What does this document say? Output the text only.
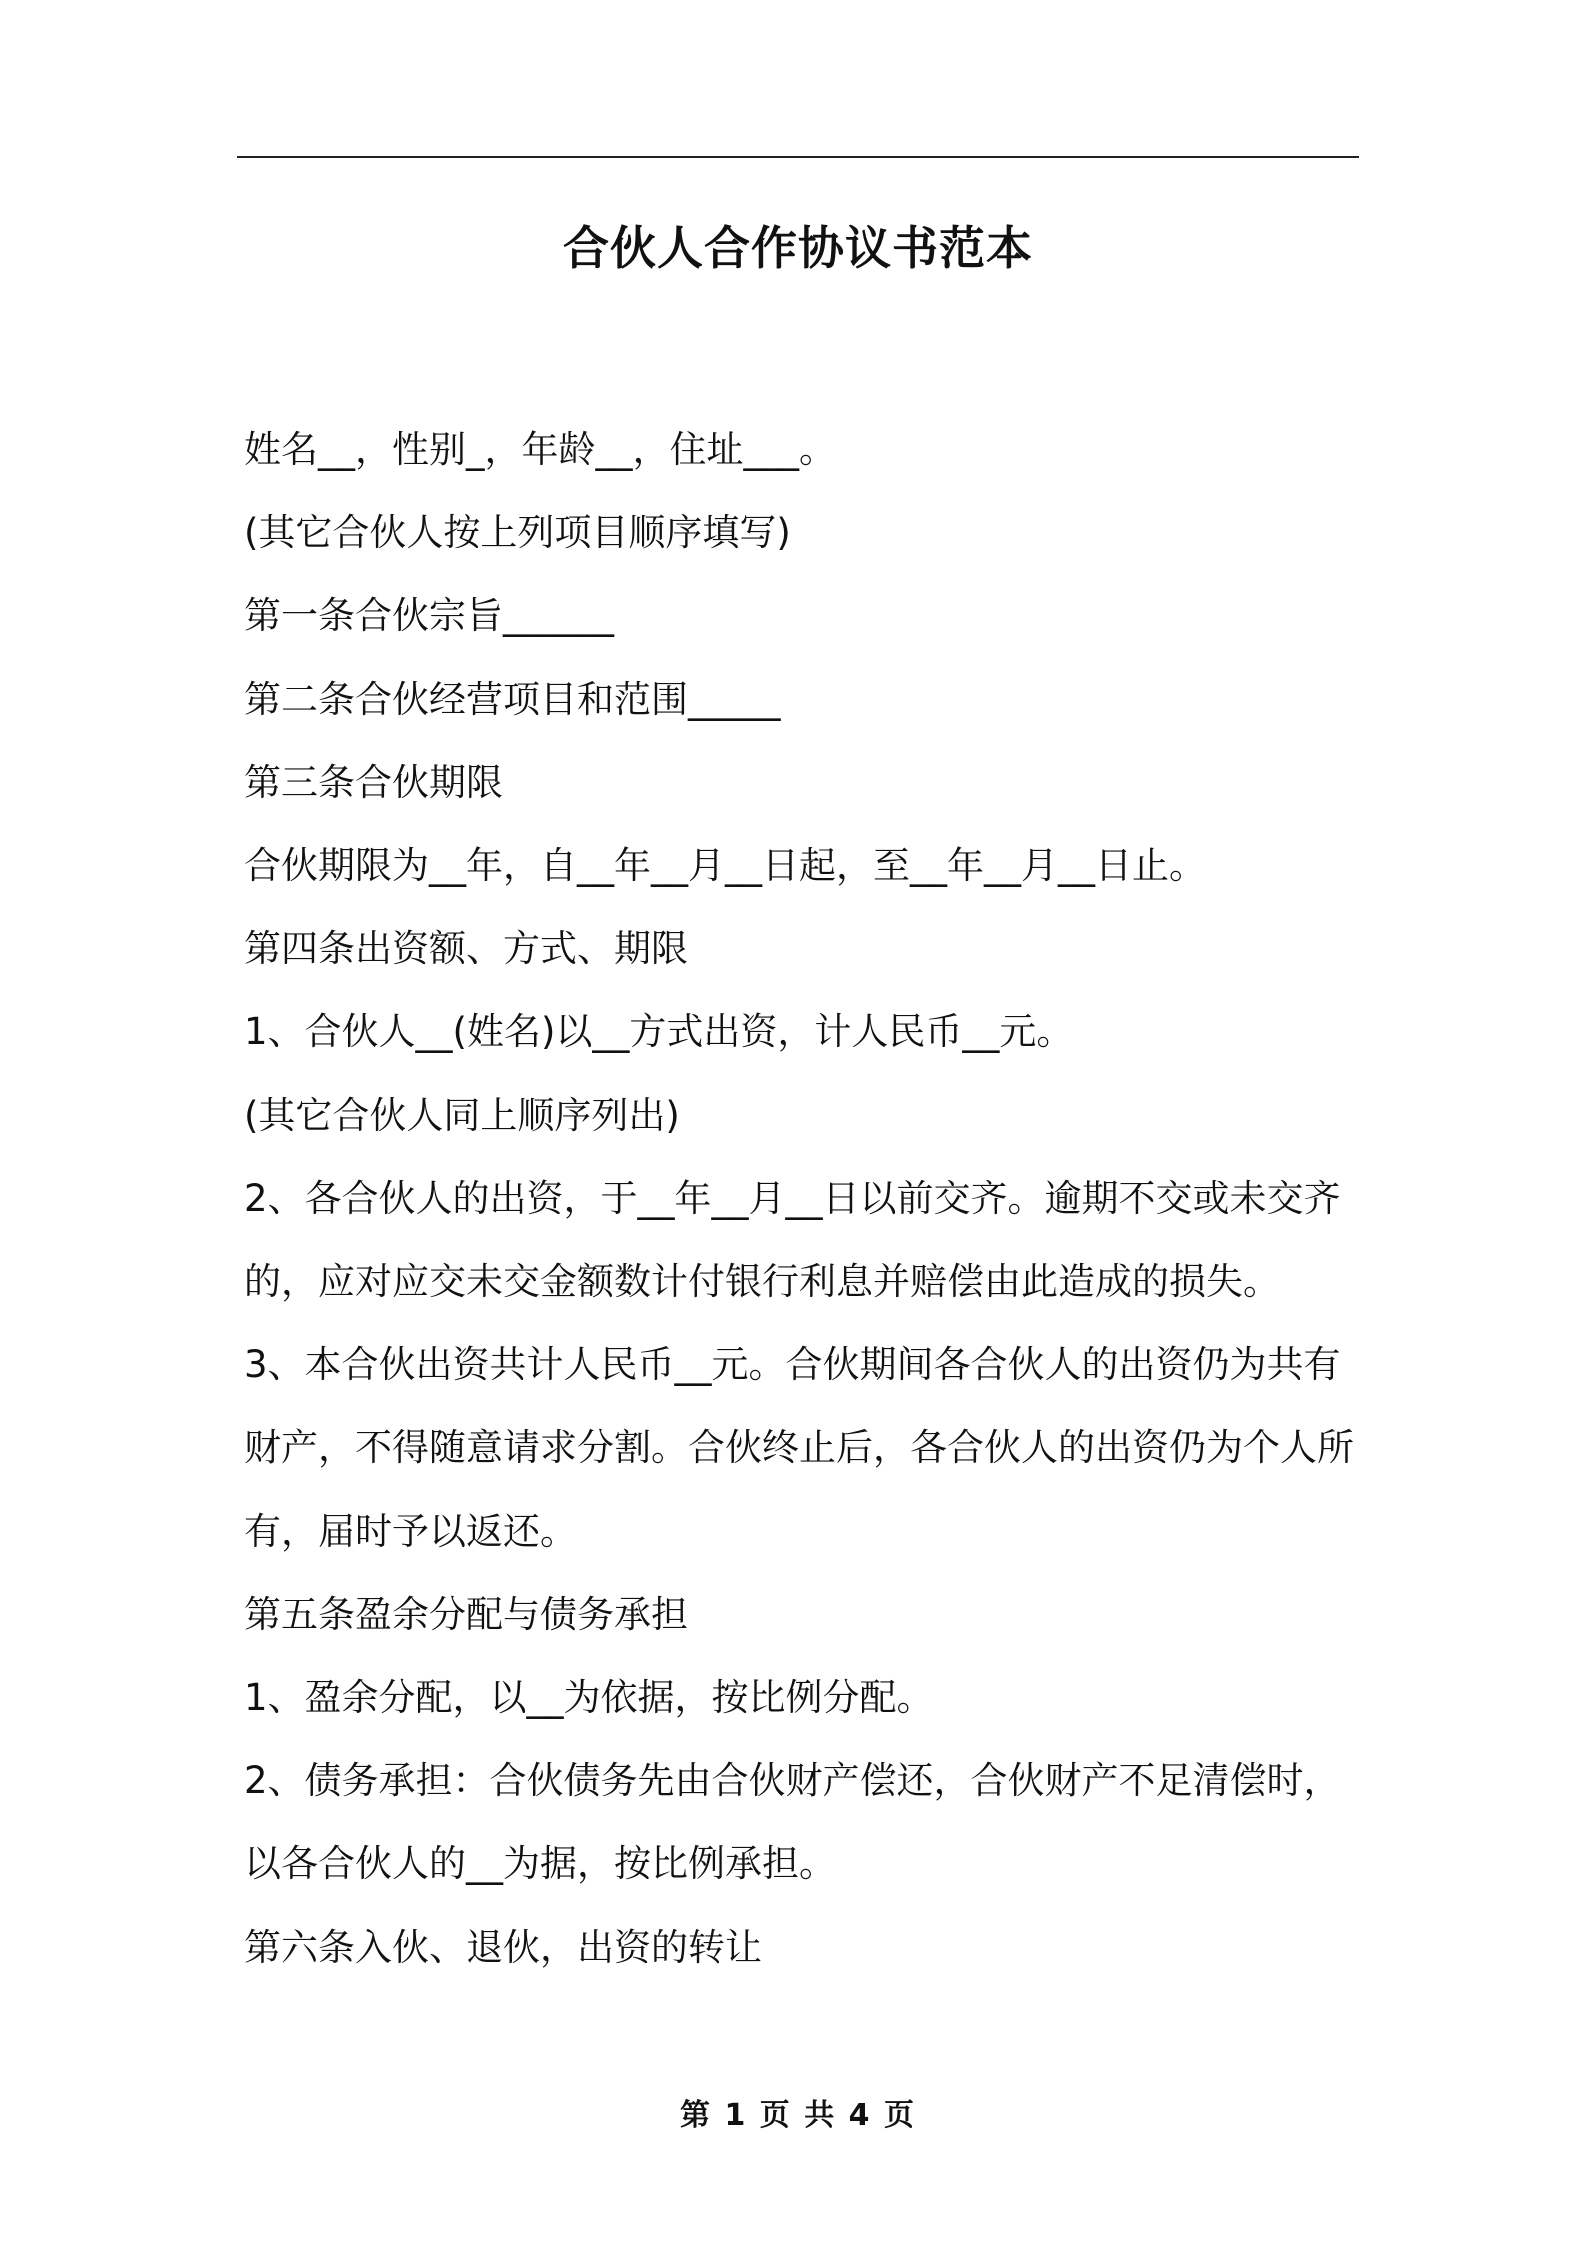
合伙人合作协议书范本

姓名__，性别_，年龄__，住址___。

(其它合伙人按上列项目顺序填写)

第一条合伙宗旨______

第二条合伙经营项目和范围_____

第三条合伙期限

合伙期限为__年，自__年__月__日起，至__年__月__日止。

第四条出资额、方式、期限

1、合伙人__(姓名)以__方式出资，计人民币__元。

(其它合伙人同上顺序列出)

2、各合伙人的出资，于__年__月__日以前交齐。逾期不交或未交齐的，应对应交未交金额数计付银行利息并赔偿由此造成的损失。

3、本合伙出资共计人民币__元。合伙期间各合伙人的出资仍为共有财产，不得随意请求分割。合伙终止后，各合伙人的出资仍为个人所有，届时予以返还。

第五条盈余分配与债务承担

1、盈余分配，以__为依据，按比例分配。

2、债务承担：合伙债务先由合伙财产偿还，合伙财产不足清偿时，以各合伙人的__为据，按比例承担。

第六条入伙、退伙，出资的转让

第 1 页 共 4 页
